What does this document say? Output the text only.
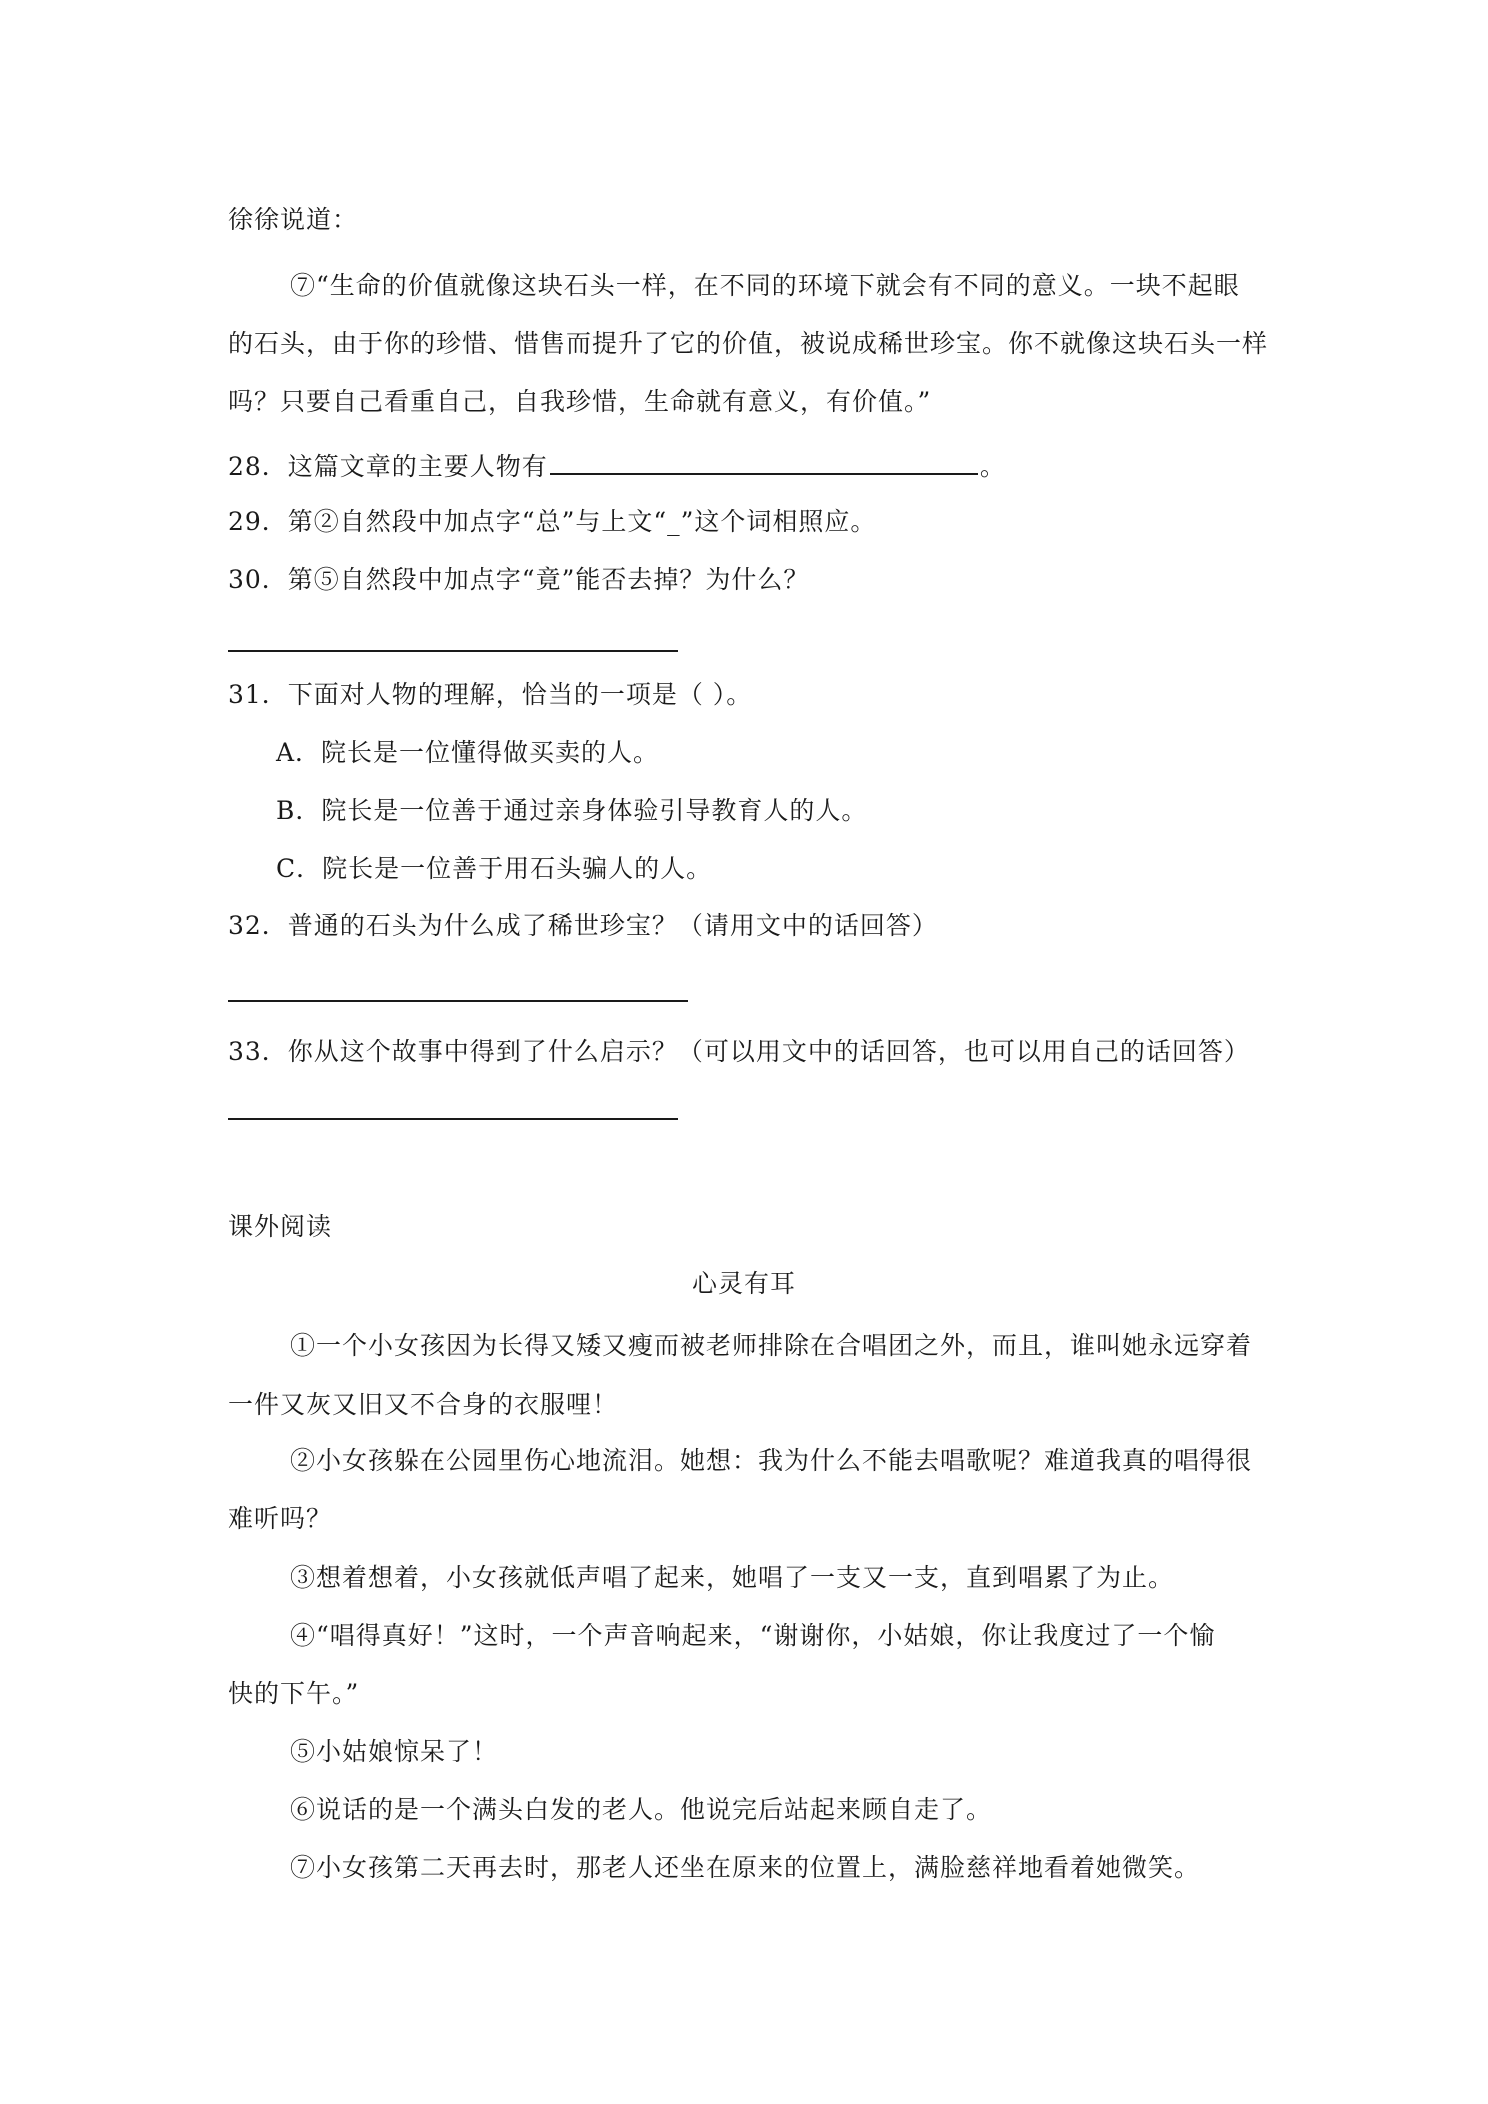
徐徐说道：
⑦“生命的价值就像这块石头一样，在不同的环境下就会有不同的意义。一块不起眼
的石头，由于你的珍惜、惜售而提升了它的价值，被说成稀世珍宝。你不就像这块石头一样
吗？只要自己看重自己，自我珍惜，生命就有意义，有价值。”
28．这篇文章的主要人物有	。
29．第②自然段中加点字“总”与上文“_”这个词相照应。
30．第⑤自然段中加点字“竟”能否去掉？为什么？
31．下面对人物的理解，恰当的一项是（ ）。
A．院长是一位懂得做买卖的人。
B．院长是一位善于通过亲身体验引导教育人的人。
C．院长是一位善于用石头骗人的人。
32．普通的石头为什么成了稀世珍宝？（请用文中的话回答）
33．你从这个故事中得到了什么启示？（可以用文中的话回答，也可以用自己的话回答）
课外阅读
心灵有耳
①一个小女孩因为长得又矮又瘦而被老师排除在合唱团之外，而且，谁叫她永远穿着
一件又灰又旧又不合身的衣服哩！
②小女孩躲在公园里伤心地流泪。她想：我为什么不能去唱歌呢？难道我真的唱得很
难听吗？
③想着想着，小女孩就低声唱了起来，她唱了一支又一支，直到唱累了为止。
④“唱得真好！”这时，一个声音响起来，“谢谢你，小姑娘，你让我度过了一个愉
快的下午。”
⑤小姑娘惊呆了！
⑥说话的是一个满头白发的老人。他说完后站起来顾自走了。
⑦小女孩第二天再去时，那老人还坐在原来的位置上，满脸慈祥地看着她微笑。
